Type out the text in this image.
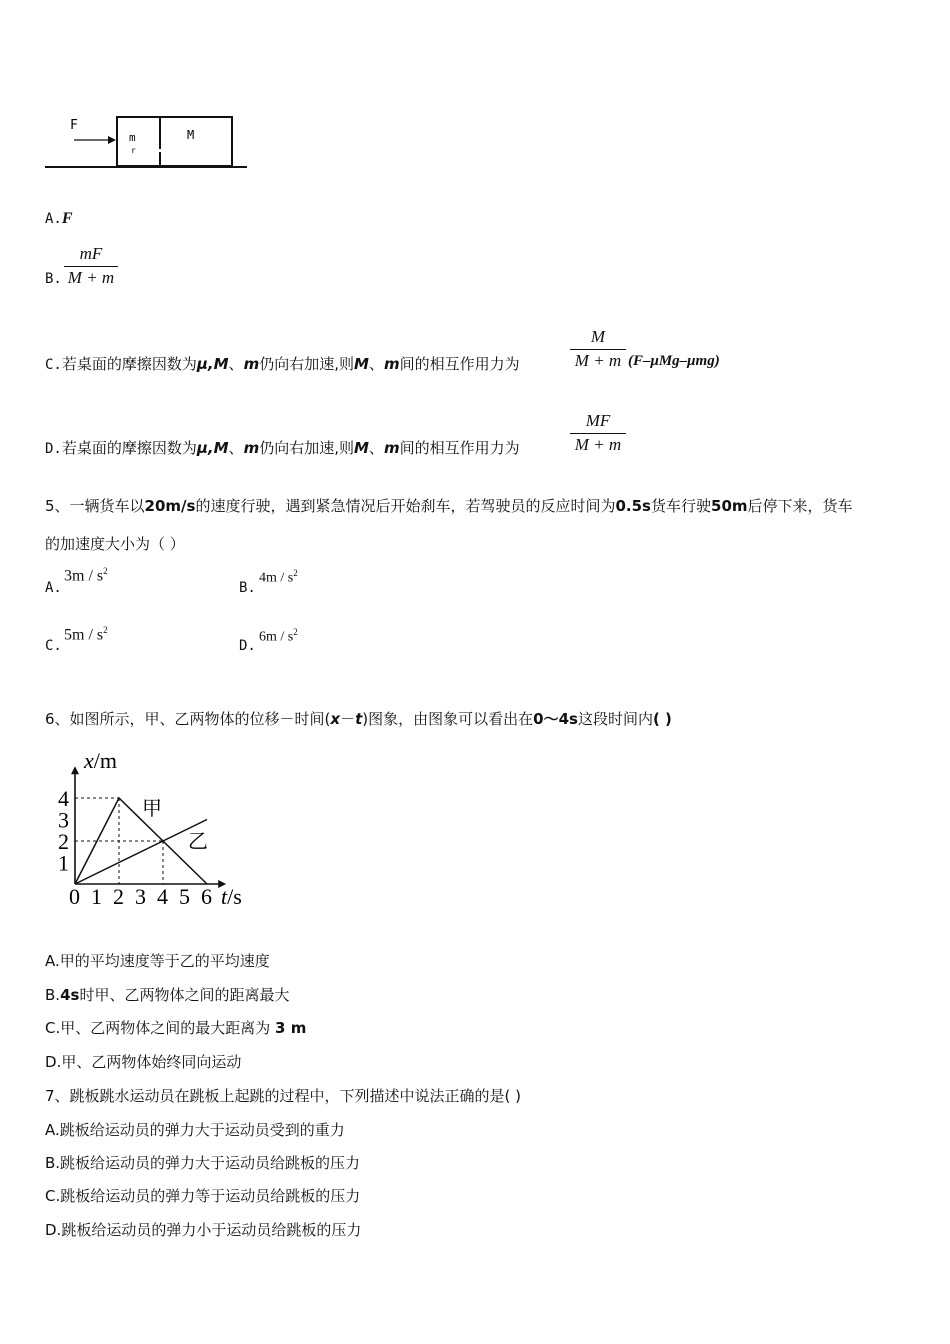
F
m
r
M
A.F
B.
mF
M + m
C.若桌面的摩擦因数为μ,M、m仍向右加速,则M、m间的相互作用力为
M
M + m (F–μMg–μmg)
D.若桌面的摩擦因数为μ,M、m仍向右加速,则M、m间的相互作用力为
MF
M + m
5、一辆货车以20m/s的速度行驶，遇到紧急情况后开始刹车，若驾驶员的反应时间为0.5s货车行驶50m后停下来，货车
的加速度大小为（ ）
A.
$3m / s^2$
B.
$4m / s^2$
C.
$5m / s^2$
D.
$6m / s^2$
6、如图所示，甲、乙两物体的位移－时间(x－t)图象，由图象可以看出在0～4s这段时间内( )
x/m
t/s
0 1 2 3 4 5 6
1
2
3
4	甲
乙
A.甲的平均速度等于乙的平均速度
B.4s时甲、乙两物体之间的距离最大
C.甲、乙两物体之间的最大距离为 3 m
D.甲、乙两物体始终同向运动
7、跳板跳水运动员在跳板上起跳的过程中，下列描述中说法正确的是( )
A.跳板给运动员的弹力大于运动员受到的重力
B.跳板给运动员的弹力大于运动员给跳板的压力
C.跳板给运动员的弹力等于运动员给跳板的压力
D.跳板给运动员的弹力小于运动员给跳板的压力
